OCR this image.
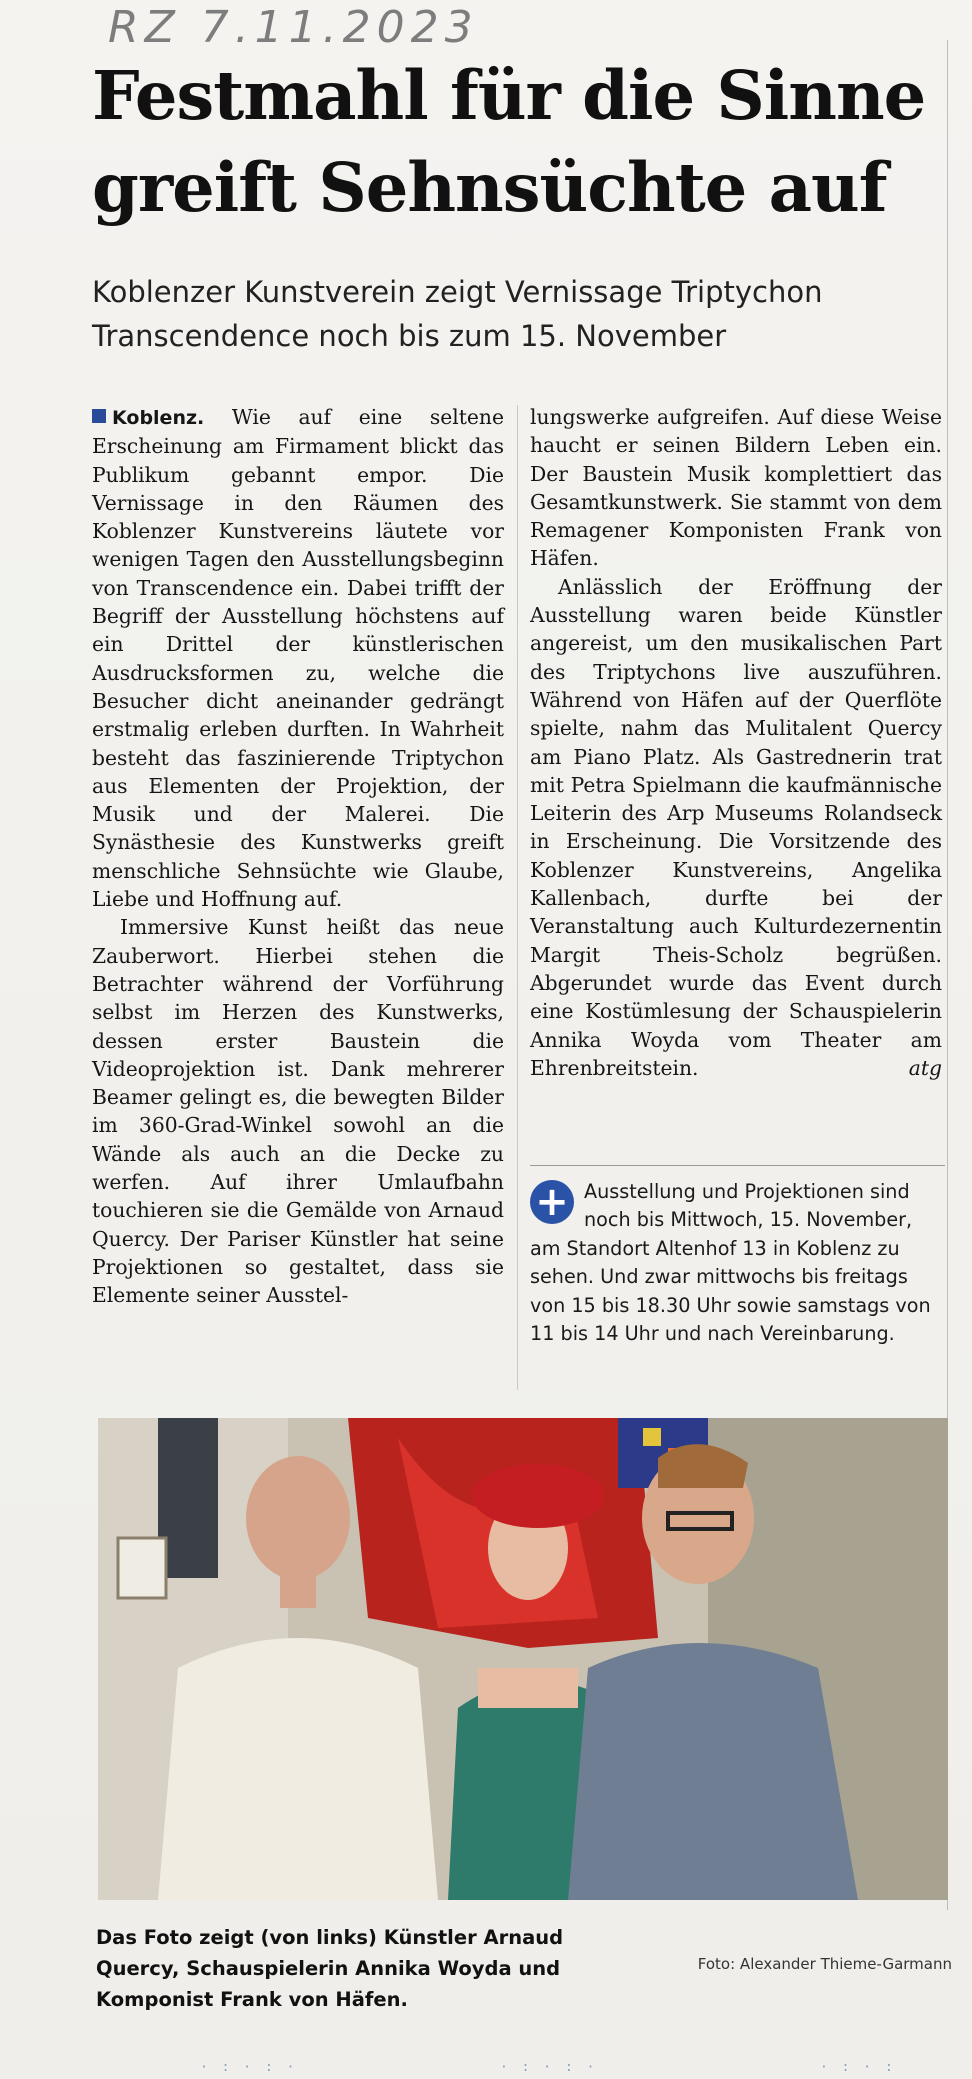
RZ 7.11.2023
Festmahl für die Sinne greift Sehnsüchte auf
Koblenzer Kunstverein zeigt Vernissage Triptychon Transcendence noch bis zum 15. November

Koblenz. Wie auf eine seltene Erscheinung am Firmament blickt das Publikum gebannt empor. Die Vernissage in den Räumen des Koblenzer Kunstvereins läutete vor wenigen Tagen den Ausstellungsbeginn von Transcendence ein. Dabei trifft der Begriff der Ausstellung höchstens auf ein Drittel der künstlerischen Ausdrucksformen zu, welche die Besucher dicht aneinander gedrängt erstmalig erleben durften. In Wahrheit besteht das faszinierende Triptychon aus Elementen der Projektion, der Musik und der Malerei. Die Synästhesie des Kunstwerks greift menschliche Sehnsüchte wie Glaube, Liebe und Hoffnung auf.

Immersive Kunst heißt das neue Zauberwort. Hierbei stehen die Betrachter während der Vorführung selbst im Herzen des Kunstwerks, dessen erster Baustein die Videoprojektion ist. Dank mehrerer Beamer gelingt es, die bewegten Bilder im 360-Grad-Winkel sowohl an die Wände als auch an die Decke zu werfen. Auf ihrer Umlaufbahn touchieren sie die Gemälde von Arnaud Quercy. Der Pariser Künstler hat seine Projektionen so gestaltet, dass sie Elemente seiner Ausstel-

lungswerke aufgreifen. Auf diese Weise haucht er seinen Bildern Leben ein. Der Baustein Musik komplettiert das Gesamtkunstwerk. Sie stammt von dem Remagener Komponisten Frank von Häfen.

Anlässlich der Eröffnung der Ausstellung waren beide Künstler angereist, um den musikalischen Part des Triptychons live auszuführen. Während von Häfen auf der Querflöte spielte, nahm das Mulitalent Quercy am Piano Platz. Als Gastrednerin trat mit Petra Spielmann die kaufmännische Leiterin des Arp Museums Rolandseck in Erscheinung. Die Vorsitzende des Koblenzer Kunstvereins, Angelika Kallenbach, durfte bei der Veranstaltung auch Kulturdezernentin Margit Theis-Scholz begrüßen. Abgerundet wurde das Event durch eine Kostümlesung der Schauspielerin Annika Woyda vom Theater am Ehrenbreitstein.	atg

+ Ausstellung und Projektionen sind noch bis Mittwoch, 15. November, am Standort Altenhof 13 in Koblenz zu sehen. Und zwar mittwochs bis freitags von 15 bis 18.30 Uhr sowie samstags von 11 bis 14 Uhr und nach Vereinbarung.
Das Foto zeigt (von links) Künstler Arnaud Quercy, Schauspielerin Annika Woyda und Komponist Frank von Häfen.
Foto: Alexander Thieme-Garmann
· : · : ·	· : · : ·	· : · :
